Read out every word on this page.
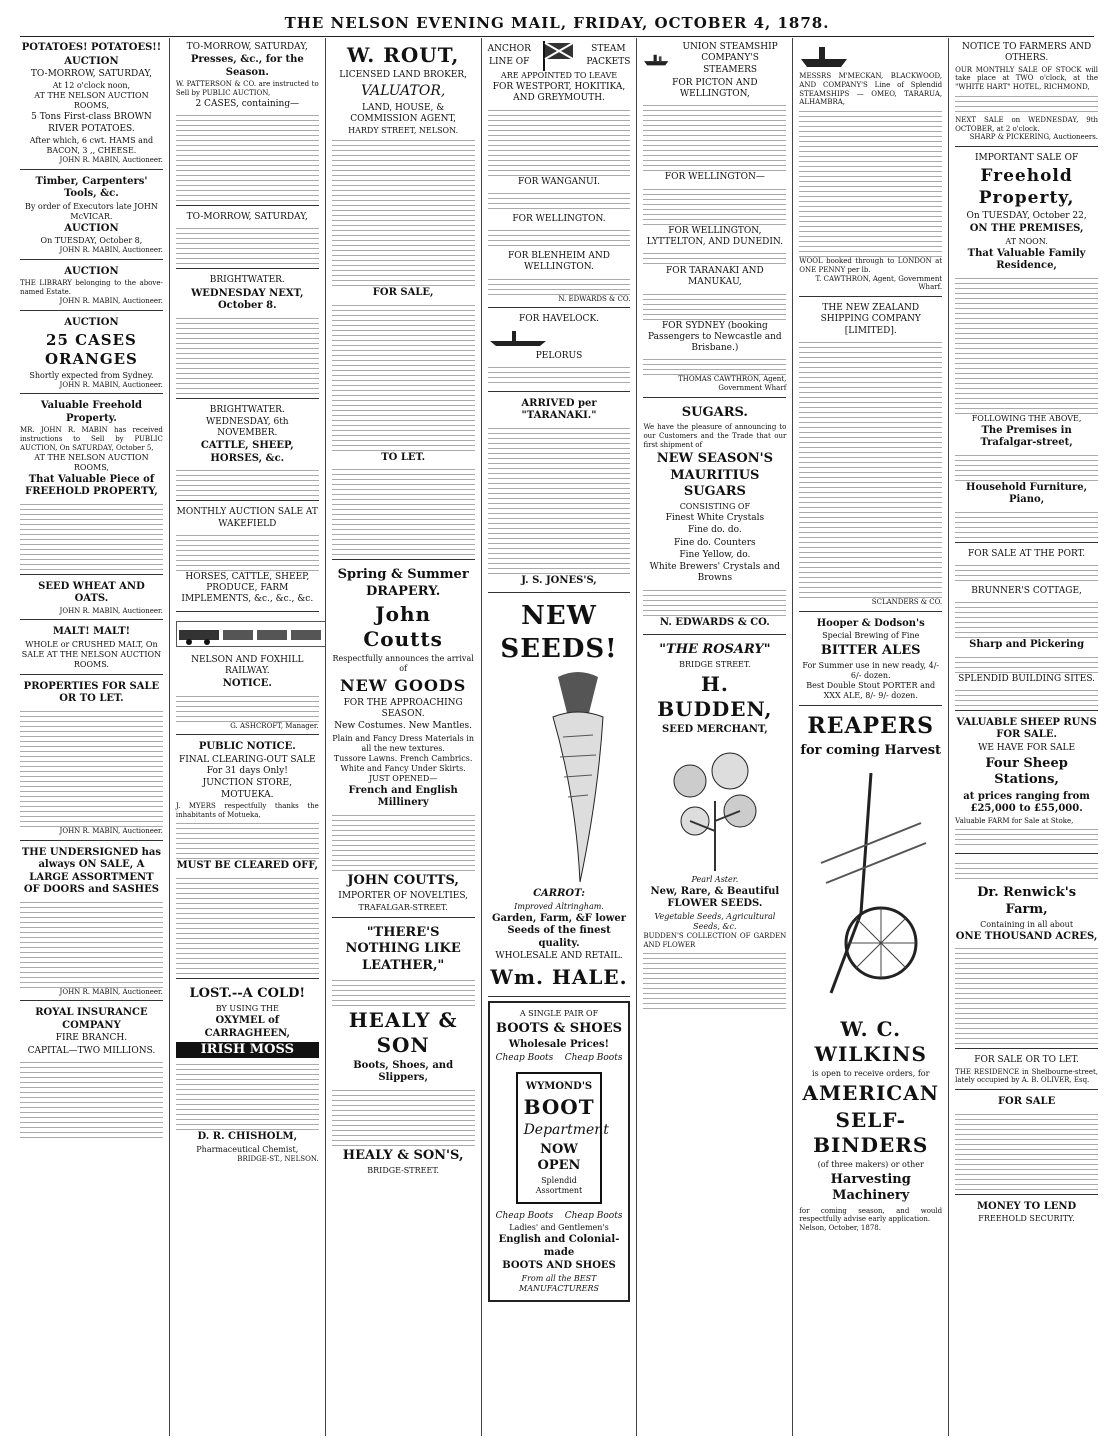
THE NELSON EVENING MAIL, FRIDAY, OCTOBER 4, 1878.
POTATOES! POTATOES!!
AUCTION
TO-MORROW, SATURDAY,
At 12 o'clock noon,
AT THE NELSON AUCTION ROOMS,
5 Tons First-class BROWN RIVER POTATOES.
After which, 6 cwt. HAMS and BACON, 3 ,, CHEESE.
JOHN R. MABIN, Auctioneer.
Timber, Carpenters' Tools, &c.
By order of Executors late JOHN McVICAR.
AUCTION
On TUESDAY, October 8,
JOHN R. MABIN, Auctioneer.
AUCTION
THE LIBRARY belonging to the above-named Estate.
JOHN R. MABIN, Auctioneer.
AUCTION
25 CASES ORANGES
Shortly expected from Sydney.
JOHN R. MABIN, Auctioneer.
Valuable Freehold Property.
MR. JOHN R. MABIN has received instructions to Sell by PUBLIC AUCTION, On SATURDAY, October 5,
AT THE NELSON AUCTION ROOMS,
That Valuable Piece of FREEHOLD PROPERTY,
SEED WHEAT AND OATS.
JOHN R. MABIN, Auctioneer.
MALT! MALT!
WHOLE or CRUSHED MALT, On SALE AT THE NELSON AUCTION ROOMS.
PROPERTIES FOR SALE OR TO LET.
JOHN R. MABIN, Auctioneer.
THE UNDERSIGNED has always ON SALE, A LARGE ASSORTMENT OF DOORS and SASHES
JOHN R. MABIN, Auctioneer.
ROYAL INSURANCE COMPANY
FIRE BRANCH.
CAPITAL—TWO MILLIONS.
TO-MORROW, SATURDAY,
Presses, &c., for the Season.
W. PATTERSON & CO. are instructed to Sell by PUBLIC AUCTION,
2 CASES, containing—
TO-MORROW, SATURDAY,
BRIGHTWATER.
WEDNESDAY NEXT, October 8.
BRIGHTWATER.
WEDNESDAY, 6th NOVEMBER.
CATTLE, SHEEP, HORSES, &c.
MONTHLY AUCTION SALE AT WAKEFIELD
HORSES, CATTLE, SHEEP, PRODUCE, FARM IMPLEMENTS, &c., &c., &c.
NELSON AND FOXHILL RAILWAY.
NOTICE.
G. ASHCROFT, Manager.
PUBLIC NOTICE.
FINAL CLEARING-OUT SALE For 31 days Only!
JUNCTION STORE, MOTUEKA.
J. MYERS respectfully thanks the inhabitants of Motueka,
MUST BE CLEARED OFF,
LOST.--A COLD!
BY USING THE
OXYMEL of CARRAGHEEN,
IRISH MOSS
D. R. CHISHOLM,
Pharmaceutical Chemist,
BRIDGE-ST., NELSON.
W. ROUT,
LICENSED LAND BROKER,
VALUATOR,
LAND, HOUSE, & COMMISSION AGENT,
HARDY STREET, NELSON.
FOR SALE,
TO LET.
Spring & Summer DRAPERY.
John Coutts
Respectfully announces the arrival of
NEW GOODS
FOR THE APPROACHING SEASON.
New Costumes. New Mantles.
Plain and Fancy Dress Materials in all the new textures.
Tussore Lawns. French Cambrics.
White and Fancy Under Skirts.
JUST OPENED—
French and English Millinery
JOHN COUTTS,
IMPORTER OF NOVELTIES,
TRAFALGAR-STREET.
"THERE'S NOTHING LIKE LEATHER,"
HEALY & SON
Boots, Shoes, and Slippers,
HEALY & SON'S,
BRIDGE-STREET.
ANCHOR
LINE OF
STEAM
PACKETS
ARE APPOINTED TO LEAVE
FOR WESTPORT, HOKITIKA, AND GREYMOUTH.
FOR WANGANUI.
FOR WELLINGTON.
FOR BLENHEIM AND WELLINGTON.
N. EDWARDS & CO.
FOR HAVELOCK.
PELORUS
ARRIVED per "TARANAKI."
J. S. JONES'S,
NEW SEEDS!
CARROT:
Improved Altringham.
Garden, Farm, &F lower Seeds of the finest quality.
WHOLESALE AND RETAIL.
Wm. HALE.
A SINGLE PAIR OF
BOOTS & SHOES
Wholesale Prices!
Cheap Boots Cheap Boots
WYMOND'S
BOOT
Department
NOW OPEN
Splendid Assortment
Cheap Boots Cheap Boots
Ladies' and Gentlemen's
English and Colonial-made
BOOTS AND SHOES
From all the BEST MANUFACTURERS
UNION STEAMSHIP COMPANY'S STEAMERS
FOR PICTON AND WELLINGTON,
FOR WELLINGTON—
FOR WELLINGTON, LYTTELTON, AND DUNEDIN.
FOR TARANAKI AND MANUKAU,
FOR SYDNEY (booking Passengers to Newcastle and Brisbane.)
THOMAS CAWTHRON, Agent, Government Wharf
SUGARS.
We have the pleasure of announcing to our Customers and the Trade that our first shipment of
NEW SEASON'S MAURITIUS SUGARS
CONSISTING OF
Finest White Crystals
Fine do. do.
Fine do. Counters
Fine Yellow, do.
White Brewers' Crystals and Browns
N. EDWARDS & CO.
"THE ROSARY"
BRIDGE STREET.
H. BUDDEN,
SEED MERCHANT,
Pearl Aster.
New, Rare, & Beautiful FLOWER SEEDS.
Vegetable Seeds, Agricultural Seeds, &c.
BUDDEN'S COLLECTION OF GARDEN AND FLOWER
MESSRS M'MECKAN, BLACKWOOD, AND COMPANY'S Line of Splendid STEAMSHIPS — OMEO, TARARUA, ALHAMBRA,
WOOL booked through to LONDON at ONE PENNY per lb.
T. CAWTHRON, Agent, Government Wharf.
THE NEW ZEALAND SHIPPING COMPANY [LIMITED].
SCLANDERS & CO.
Hooper & Dodson's
Special Brewing of Fine
BITTER ALES
For Summer use in new ready, 4/- 6/- dozen.
Best Double Stout PORTER and XXX ALE, 8/- 9/- dozen.
REAPERS
for coming Harvest
W. C. WILKINS
is open to receive orders, for
AMERICAN
SELF-BINDERS
(of three makers) or other
Harvesting Machinery
for coming season, and would respectfully advise early application.
Nelson, October, 1878.
NOTICE TO FARMERS AND OTHERS.
OUR MONTHLY SALE OF STOCK will take place at TWO o'clock, at the "WHITE HART" HOTEL, RICHMOND,
NEXT SALE on WEDNESDAY, 9th OCTOBER, at 2 o'clock.
SHARP & PICKERING, Auctioneers.
IMPORTANT SALE OF
Freehold Property,
On TUESDAY, October 22,
ON THE PREMISES,
AT NOON.
That Valuable Family Residence,
FOLLOWING THE ABOVE,
The Premises in Trafalgar-street,
Household Furniture, Piano,
FOR SALE AT THE PORT.
BRUNNER'S COTTAGE,
Sharp and Pickering
SPLENDID BUILDING SITES.
VALUABLE SHEEP RUNS FOR SALE.
WE HAVE FOR SALE
Four Sheep Stations,
at prices ranging from £25,000 to £55,000.
Valuable FARM for Sale at Stoke,
Dr. Renwick's Farm,
Containing in all about
ONE THOUSAND ACRES,
FOR SALE OR TO LET.
THE RESIDENCE in Shelbourne-street, lately occupied by A. B. OLIVER, Esq.
FOR SALE
MONEY TO LEND
FREEHOLD SECURITY.
